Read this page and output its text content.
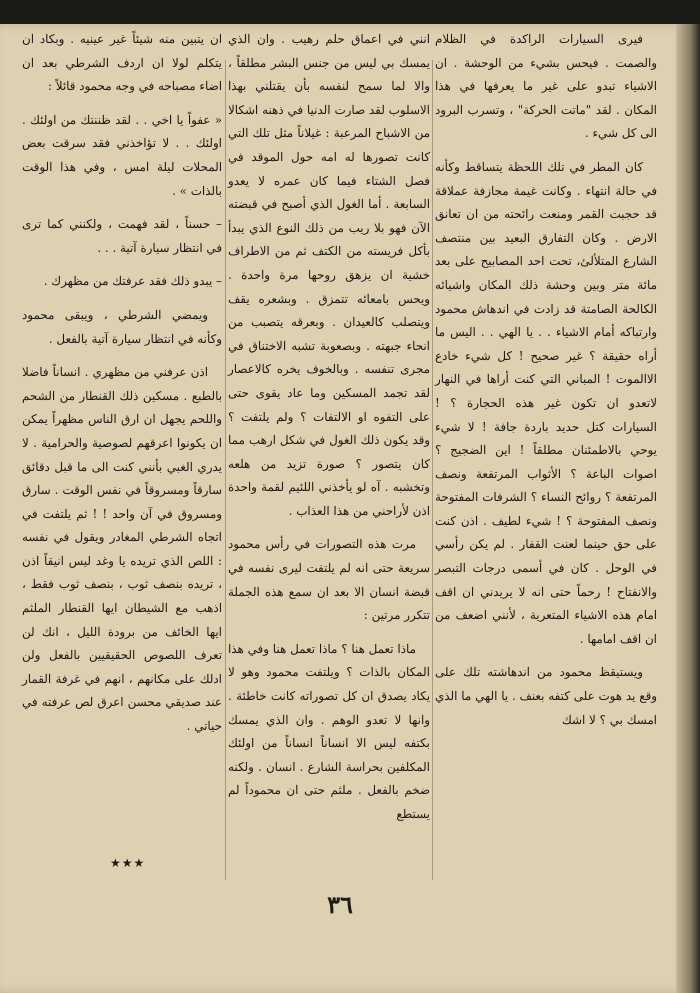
فيرى السيارات الراكدة في الظلام والصمت . فيحس بشيء من الوحشة . ان الاشياء تبدو على غير ما يعرفها في هذا المكان . لقد "ماتت الحركة" ، وتسرب البرود الى كل شيء .

كان المطر في تلك اللحظة يتساقط وكأنه في حالة انتهاء . وكانت غيمة مجازفة عملاقة قد حجبت القمر ومنعت رائحته من ان تعانق الارض . وكان التفارق البعيد بين منتصف الشارع المتلألئ، تحت احد المصابيح على بعد مائة متر وبين وحشة ذلك المكان واشيائه الكالحة الصامتة قد زادت في اندهاش محمود وارتباكه أمام الاشياء . . يا الهي . . اليس ما أراه حقيقة ؟ غير صحيح ! كل شيء خادع الاالموت ! المباني التي كنت أراها في النهار لاتعدو ان تكون غير هذه الحجارة ؟ ! السيارات كتل حديد باردة جافة ! لا شيء يوحي بالاطمئنان مطلقاً ! اين الضجيج ؟ اصوات الباعة ؟ الأثواب المرتفعة ونصف المرتفعة ؟ روائح النساء ؟ الشرفات المفتوحة ونصف المفتوحة ؟ ! شيء لطيف . اذن كنت على حق حينما لعنت القفار . لم يكن رأسي في الوحل . كان في أسمى درجات التبصر والانفتاح ! رحماً حتى انه لا يريدني ان اقف امام هذه الاشياء المتعرية ، لأنني اضعف من ان اقف امامها .

ويستيقظ محمود من اندهاشته تلك على وقع يد هوت على كتفه بعنف . يا الهي ما الذي امسك بي ؟ لا اشك

انني في اعماق حلم رهيب . وان الذي يمسك بي ليس من جنس البشر مطلقاً ، والا لما سمح لنفسه بأن يقتلني بهذا الاسلوب لقد صارت الدنيا في ذهنه اشكالا من الاشباح المرعبة : غيلاناً مثل تلك التي كانت تصورها له امه حول الموقد في فصل الشتاء فيما كان عمره لا يعدو السابعة . أما الغول الذي أصبح في قبضته الآن فهو بلا ريب من ذلك النوع الذي يبدأ بأكل فريسته من الكتف ثم من الاطراف خشية ان يزهق روحها مرة واحدة . ويحس بامعائه تتمزق . وبشعره يقف ويتصلب كالعيدان . وبعرقه يتصبب من انحاء جبهته . وبصعوبة تشبه الاختناق في مجرى تنفسه . وبالخوف يخره كالاعصار لقد تجمد المسكين وما عاد يقوى حتى على التفوه او الالتفات ؟ ولم يلتفت ؟ وقد يكون ذلك الغول في شكل ارهب مما كان يتصور ؟ صورة تزيد من هلعه وتخشبه . آه لو يأخذني اللئيم لقمة واحدة اذن لأراحني من هذا العذاب .

مرت هذه التصورات في رأس محمود سريعة حتى انه لم يلتفت ليرى نفسه في قبضة انسان الا بعد ان سمع هذه الجملة تتكرر مرتين :

ماذا تعمل هنا ؟ ماذا تعمل هنا وفي هذا المكان بالذات ؟ ويلتفت محمود وهو لا يكاد يصدق ان كل تصوراته كانت خاطئة . وانها لا تعدو الوهم . وان الذي يمسك بكتفه ليس الا انساناً انساناً من اولئك المكلفين بحراسة الشارع . انسان . ولكنه ضخم بالفعل . ملثم حتى ان محموداً لم يستطع

ان يتبين منه شيئاً غير عينيه . وبكاد ان يتكلم لولا ان اردف الشرطي بعد ان اضاء مصباحه في وجه محمود قائلاً :

« عفواً يا اخي . . لقد ظننتك من اولئك . اولئك . . لا تؤاخذني فقد سرقت بعض المحلات ليلة امس ، وفي هذا الوقت بالذات » .

– حسناً ، لقد فهمت ، ولكنني كما ترى في انتظار سيارة آتية . . .

– يبدو ذلك فقد عرفتك من مظهرك .

ويمضي الشرطي ، ويبقى محمود وكأنه في انتظار سيارة آتية بالفعل .

اذن عرفني من مظهري . انساناً فاضلا بالطبع . مسكين ذلك القنطار من الشحم واللحم يجهل ان ارق الناس مظهراً يمكن ان يكونوا اعرقهم لصوصية والحرامية . لا يدري الغبي بأنني كنت الى ما قبل دقائق سارقاً ومسروقاً في نفس الوقت . سارق ومسروق في آن واحد ! ! ثم يلتفت في اتجاه الشرطي المغادر ويقول في نفسه : اللص الذي تريده يا وغد ليس انيقاً اذن ، تريده بنصف ثوب ، بنصف ثوب فقط ، اذهب مع الشيطان ايها القنطار الملثم ايها الخائف من برودة الليل ، انك لن تعرف اللصوص الحقيقيين بالفعل ولن ادلك على مكانهم ، انهم في غرفة القمار عند صديقي محسن اعرق لص عرفته في حياتي .

★★★
٣٦
